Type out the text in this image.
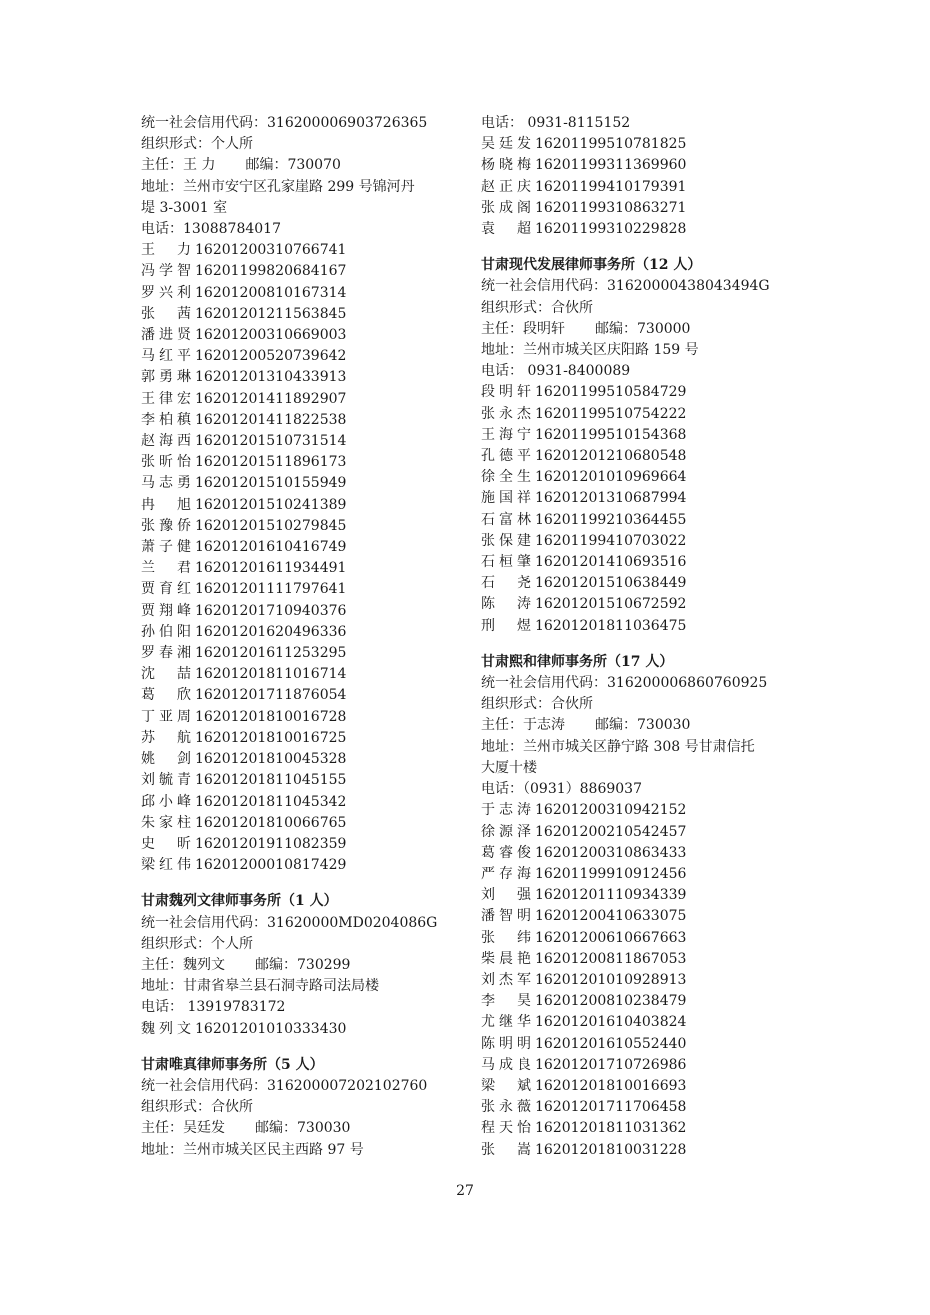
统一社会信用代码：316200006903726365
组织形式：个人所
主任：王 力 邮编：730070
地址：兰州市安宁区孔家崖路 299 号锦河丹
堤 3-3001 室
电话：13088784017
王 力 16201200310766741
冯学智 16201199820684167
罗兴利 16201200810167314
张 茜 16201201211563845
潘进贤 16201200310669003
马红平 16201200520739642
郭勇琳 16201201310433913
王律宏 16201201411892907
李柏稹 16201201411822538
赵海西 16201201510731514
张昕怡 16201201511896173
马志勇 16201201510155949
冉 旭 16201201510241389
张豫侨 16201201510279845
萧子健 16201201610416749
兰 君 16201201611934491
贾育红 16201201111797641
贾翔峰 16201201710940376
孙伯阳 16201201620496336
罗春湘 16201201611253295
沈 喆 16201201811016714
葛 欣 16201201711876054
丁亚周 16201201810016728
苏 航 16201201810016725
姚 剑 16201201810045328
刘毓青 16201201811045155
邱小峰 16201201811045342
朱家柱 16201201810066765
史 昕 16201201911082359
梁红伟 16201200010817429
甘肃魏列文律师事务所（1 人）
统一社会信用代码：31620000MD0204086G
组织形式：个人所
主任：魏列文 邮编：730299
地址：甘肃省皋兰县石洞寺路司法局楼
电话： 13919783172
魏列文 16201201010333430
甘肃唯真律师事务所（5 人）
统一社会信用代码：316200007202102760
组织形式：合伙所
主任：吴廷发 邮编：730030
地址：兰州市城关区民主西路 97 号
电话： 0931-8115152
吴廷发 16201199510781825
杨晓梅 16201199311369960
赵正庆 16201199410179391
张成阁 16201199310863271
袁 超 16201199310229828
甘肃现代发展律师事务所（12 人）
统一社会信用代码：31620000438043494G
组织形式：合伙所
主任：段明轩 邮编：730000
地址：兰州市城关区庆阳路 159 号
电话： 0931-8400089
段明轩 16201199510584729
张永杰 16201199510754222
王海宁 16201199510154368
孔德平 16201201210680548
徐全生 16201201010969664
施国祥 16201201310687994
石富林 16201199210364455
张保建 16201199410703022
石桓肇 16201201410693516
石 尧 16201201510638449
陈 涛 16201201510672592
刑 煜 16201201811036475
甘肃熙和律师事务所（17 人）
统一社会信用代码：316200006860760925
组织形式：合伙所
主任：于志涛 邮编：730030
地址：兰州市城关区静宁路 308 号甘肃信托
大厦十楼
电话：（0931）8869037
于志涛 16201200310942152
徐源泽 16201200210542457
葛睿俊 16201200310863433
严存海 16201199910912456
刘 强 16201201110934339
潘智明 16201200410633075
张 纬 16201200610667663
柴晨艳 16201200811867053
刘杰军 16201201010928913
李 昊 16201200810238479
尤继华 16201201610403824
陈明明 16201201610552440
马成良 16201201710726986
梁 斌 16201201810016693
张永薇 16201201711706458
程天怡 16201201811031362
张 嵩 16201201810031228
27
